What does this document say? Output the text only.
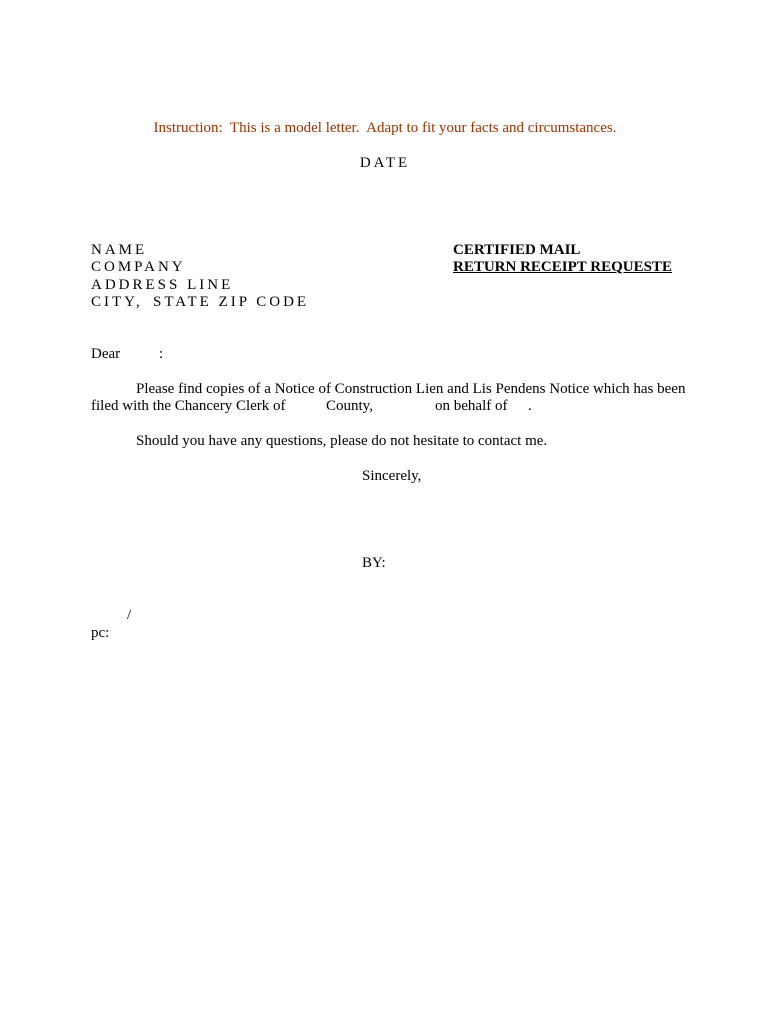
Instruction:  This is a model letter.  Adapt to fit your facts and circumstances.
DATE
NAME
COMPANY
ADDRESS LINE
CITY, STATE ZIP CODE
CERTIFIED MAIL
RETURN RECEIPT REQUESTE
Dear	:
Please find copies of a Notice of Construction Lien and Lis Pendens Notice which has been
filed with the Chancery Clerk of	County,	on behalf of .
Should you have any questions, please do not hesitate to contact me.
Sincerely,
BY:
/
pc:
